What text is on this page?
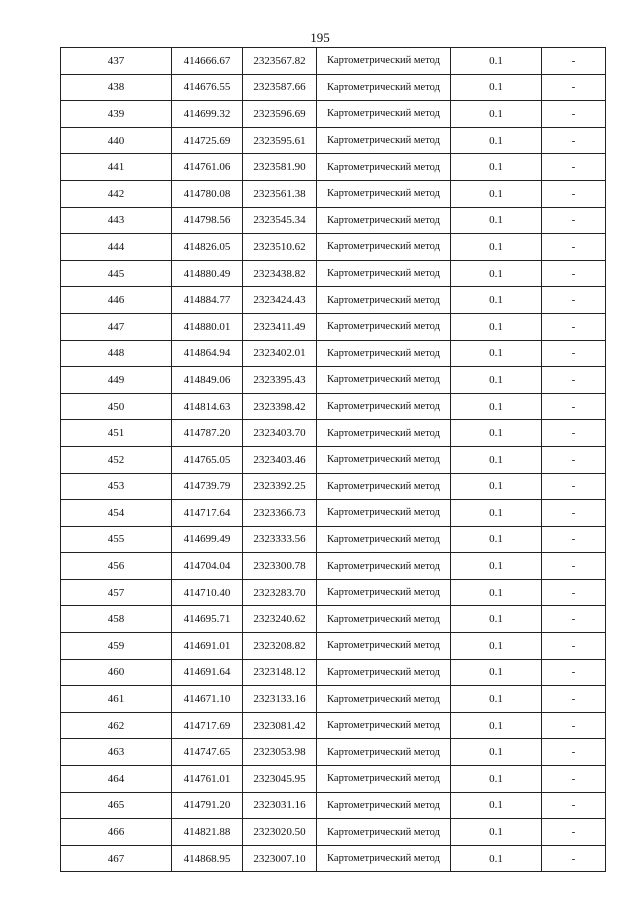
195
437	414666.67	2323567.82	Картометрический метод	0.1	-
438	414676.55	2323587.66	Картометрический метод	0.1	-
439	414699.32	2323596.69	Картометрический метод	0.1	-
440	414725.69	2323595.61	Картометрический метод	0.1	-
441	414761.06	2323581.90	Картометрический метод	0.1	-
442	414780.08	2323561.38	Картометрический метод	0.1	-
443	414798.56	2323545.34	Картометрический метод	0.1	-
444	414826.05	2323510.62	Картометрический метод	0.1	-
445	414880.49	2323438.82	Картометрический метод	0.1	-
446	414884.77	2323424.43	Картометрический метод	0.1	-
447	414880.01	2323411.49	Картометрический метод	0.1	-
448	414864.94	2323402.01	Картометрический метод	0.1	-
449	414849.06	2323395.43	Картометрический метод	0.1	-
450	414814.63	2323398.42	Картометрический метод	0.1	-
451	414787.20	2323403.70	Картометрический метод	0.1	-
452	414765.05	2323403.46	Картометрический метод	0.1	-
453	414739.79	2323392.25	Картометрический метод	0.1	-
454	414717.64	2323366.73	Картометрический метод	0.1	-
455	414699.49	2323333.56	Картометрический метод	0.1	-
456	414704.04	2323300.78	Картометрический метод	0.1	-
457	414710.40	2323283.70	Картометрический метод	0.1	-
458	414695.71	2323240.62	Картометрический метод	0.1	-
459	414691.01	2323208.82	Картометрический метод	0.1	-
460	414691.64	2323148.12	Картометрический метод	0.1	-
461	414671.10	2323133.16	Картометрический метод	0.1	-
462	414717.69	2323081.42	Картометрический метод	0.1	-
463	414747.65	2323053.98	Картометрический метод	0.1	-
464	414761.01	2323045.95	Картометрический метод	0.1	-
465	414791.20	2323031.16	Картометрический метод	0.1	-
466	414821.88	2323020.50	Картометрический метод	0.1	-
467	414868.95	2323007.10	Картометрический метод	0.1	-
